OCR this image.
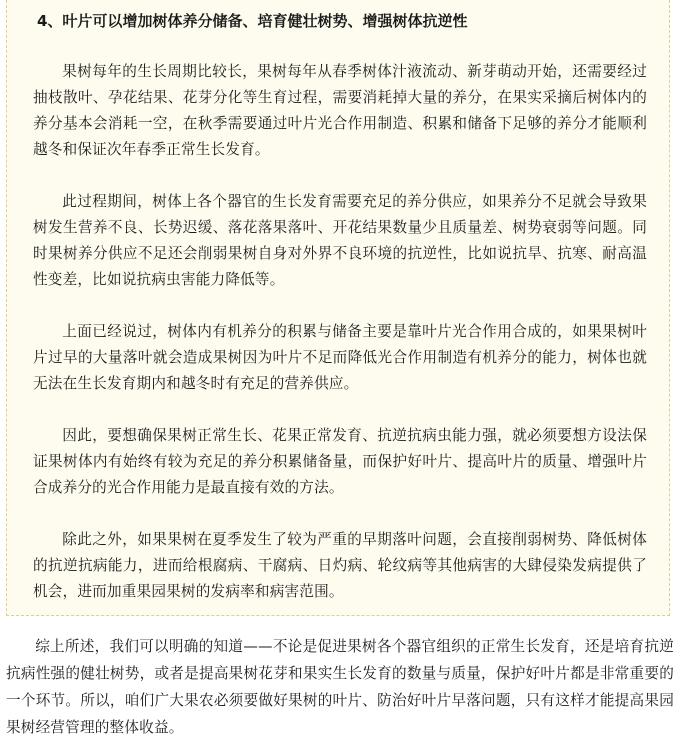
4、叶片可以增加树体养分储备、培育健壮树势、增强树体抗逆性

果树每年的生长周期比较长，果树每年从春季树体汁液流动、新芽萌动开始，还需要经过抽枝散叶、孕花结果、花芽分化等生育过程，需要消耗掉大量的养分，在果实采摘后树体内的养分基本会消耗一空，在秋季需要通过叶片光合作用制造、积累和储备下足够的养分才能顺利越冬和保证次年春季正常生长发育。

此过程期间，树体上各个器官的生长发育需要充足的养分供应，如果养分不足就会导致果树发生营养不良、长势迟缓、落花落果落叶、开花结果数量少且质量差、树势衰弱等问题。同时果树养分供应不足还会削弱果树自身对外界不良环境的抗逆性，比如说抗旱、抗寒、耐高温性变差，比如说抗病虫害能力降低等。

上面已经说过，树体内有机养分的积累与储备主要是靠叶片光合作用合成的，如果果树叶片过早的大量落叶就会造成果树因为叶片不足而降低光合作用制造有机养分的能力，树体也就无法在生长发育期内和越冬时有充足的营养供应。

因此，要想确保果树正常生长、花果正常发育、抗逆抗病虫能力强，就必须要想方设法保证果树体内有始终有较为充足的养分积累储备量，而保护好叶片、提高叶片的质量、增强叶片合成养分的光合作用能力是最直接有效的方法。

除此之外，如果果树在夏季发生了较为严重的早期落叶问题，会直接削弱树势、降低树体的抗逆抗病能力，进而给根腐病、干腐病、日灼病、轮纹病等其他病害的大肆侵染发病提供了机会，进而加重果园果树的发病率和病害范围。

综上所述，我们可以明确的知道——不论是促进果树各个器官组织的正常生长发育，还是培育抗逆抗病性强的健壮树势，或者是提高果树花芽和果实生长发育的数量与质量，保护好叶片都是非常重要的一个环节。所以，咱们广大果农必须要做好果树的叶片、防治好叶片早落问题，只有这样才能提高果园果树经营管理的整体收益。
